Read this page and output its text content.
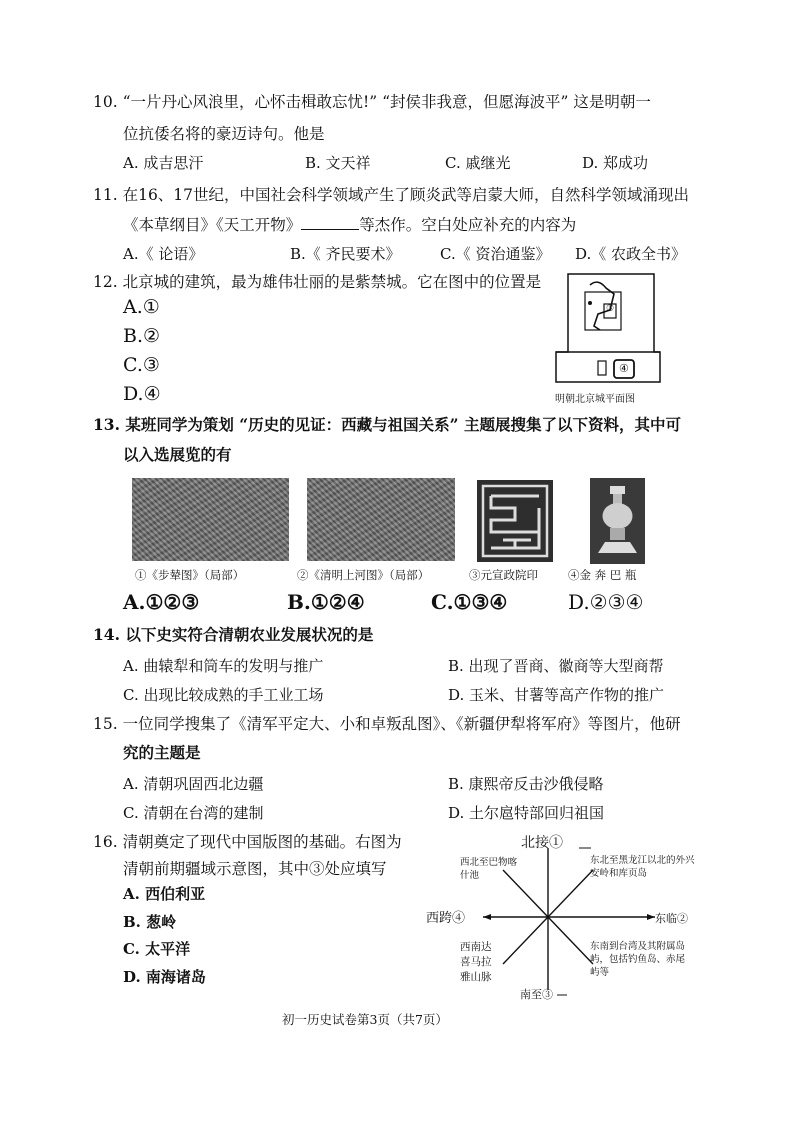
10. “一片丹心风浪里，心怀击楫敢忘忧!” “封侯非我意，但愿海波平” 这是明朝一
位抗倭名将的豪迈诗句。他是
A. 成吉思汗	B. 文天祥	C. 戚继光	D. 郑成功
11. 在16、17世纪，中国社会科学领域产生了顾炎武等启蒙大师，自然科学领域涌现出
《本草纲目》《天工开物》	等杰作。空白处应补充的内容为
A.《 论语》	B.《 齐民要术》	C.《 资治通鉴》 D.《 农政全书》
12. 北京城的建筑，最为雄伟壮丽的是紫禁城。它在图中的位置是
A.①
B.②
C.③
D.④
③
④
明朝北京城平面图
13. 某班同学为策划 “历史的见证：西藏与祖国关系” 主题展搜集了以下资料，其中可
以入选展览的有
①《步辇图》（局部）	②《清明上河图》（局部）	③元宣政院印	④金 奔 巴 瓶
A.①②③	B.①②④	C.①③④	D.②③④
14. 以下史实符合清朝农业发展状况的是
A. 曲辕犁和筒车的发明与推广	B. 出现了晋商、徽商等大型商帮
C. 出现比较成熟的手工业工场	D. 玉米、甘薯等高产作物的推广
15. 一位同学搜集了《清军平定大、小和卓叛乱图》、《新疆伊犁将军府》等图片，他研
究的主题是
A. 清朝巩固西北边疆	B. 康熙帝反击沙俄侵略
C. 清朝在台湾的建制	D. 土尔扈特部回归祖国
16. 清朝奠定了现代中国版图的基础。右图为
清朝前期疆域示意图，其中③处应填写
A. 西伯利亚
B. 葱岭
C. 太平洋
D. 南海诸岛
北接①
西跨④	东临②
南至③
西北至巴物喀什池
东北至黑龙江以北的外兴安岭和库页岛
西南达喜马拉雅山脉
东南到台湾及其附属岛屿，包括钓鱼岛、赤尾屿等
初一历史试卷第3页（共7页）
